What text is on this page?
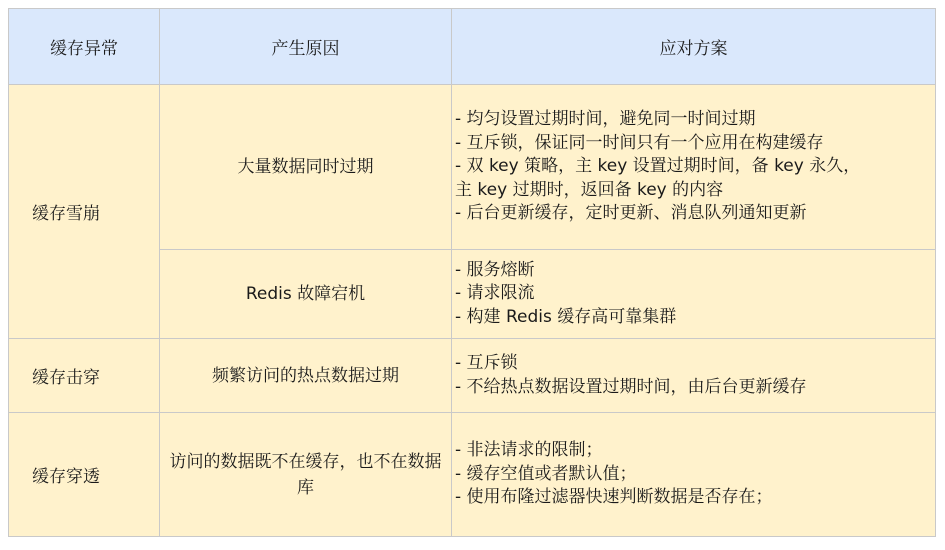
缓存异常	产生原因	应对方案
缓存雪崩	大量数据同时过期	- 均匀设置过期时间，避免同一时间过期
- 互斥锁，保证同一时间只有一个应用在构建缓存
- 双 key 策略，主 key 设置过期时间，备 key 永久，
主 key 过期时，返回备 key 的内容
- 后台更新缓存，定时更新、消息队列通知更新

	Redis 故障宕机	- 服务熔断
- 请求限流
- 构建 Redis 缓存高可靠集群

缓存击穿	频繁访问的热点数据过期	- 互斥锁
- 不给热点数据设置过期时间，由后台更新缓存

缓存穿透	访问的数据既不在缓存，也不在数据库	- 非法请求的限制；
- 缓存空值或者默认值；
- 使用布隆过滤器快速判断数据是否存在；
